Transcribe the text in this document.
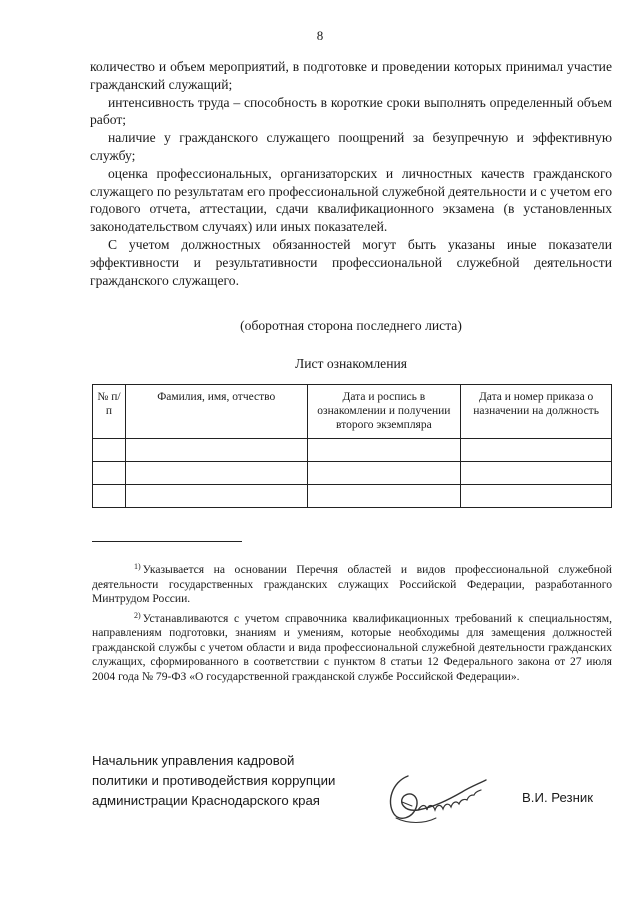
8

количество и объем мероприятий, в подготовке и проведении которых принимал участие гражданский служащий;

интенсивность труда – способность в короткие сроки выполнять определенный объем работ;

наличие у гражданского служащего поощрений за безупречную и эффективную службу;

оценка профессиональных, организаторских и личностных качеств гражданского служащего по результатам его профессиональной служебной деятельности и с учетом его годового отчета, аттестации, сдачи квалификационного экзамена (в установленных законодательством случаях) или иных показателей.

С учетом должностных обязанностей могут быть указаны иные показатели эффективности и результативности профессиональной служебной деятельности гражданского служащего.

(оборотная сторона последнего листа)
Лист ознакомления
№ п/п	Фамилия, имя, отчество	Дата и роспись в ознакомлении и получении второго экземпляра	Дата и номер приказа о назначении на должность

$^{1)}$ Указывается на основании Перечня областей и видов профессиональной служебной деятельности государственных гражданских служащих Российской Федерации, разработанного Минтрудом России.

$^{2)}$ Устанавливаются с учетом справочника квалификационных требований к специальностям, направлениям подготовки, знаниям и умениям, которые необходимы для замещения должностей гражданской службы с учетом области и вида профессиональной служебной деятельности гражданских служащих, сформированного в соответствии с пунктом 8 статьи 12 Федерального закона от 27 июля 2004 года № 79-ФЗ «О государственной гражданской службе Российской Федерации».

Начальник управления кадровой
политики и противодействия коррупции
администрации Краснодарского края	В.И. Резник
